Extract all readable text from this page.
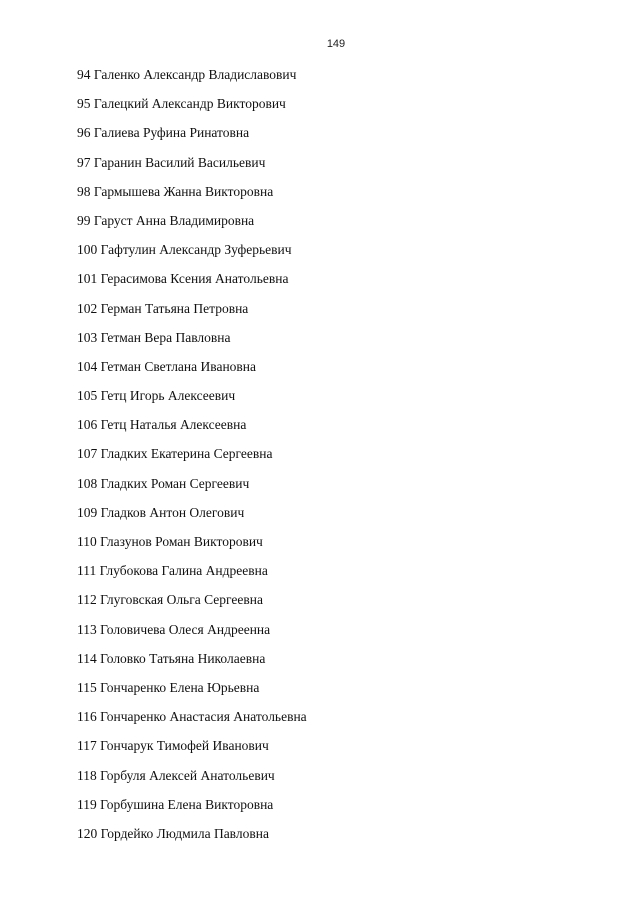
149
94 Галенко Александр Владиславович
95 Галецкий Александр Викторович
96 Галиева Руфина Ринатовна
97 Гаранин Василий Васильевич
98 Гармышева Жанна Викторовна
99 Гаруст Анна Владимировна
100 Гафтулин Александр Зуферьевич
101 Герасимова Ксения Анатольевна
102 Герман Татьяна Петровна
103 Гетман Вера Павловна
104 Гетман Светлана Ивановна
105 Гетц Игорь Алексеевич
106 Гетц Наталья Алексеевна
107 Гладких Екатерина Сергеевна
108 Гладких Роман Сергеевич
109 Гладков Антон Олегович
110 Глазунов Роман Викторович
111 Глубокова Галина Андреевна
112 Глуговская Ольга Сергеевна
113 Головичева Олеся Андреенна
114 Головко Татьяна Николаевна
115 Гончаренко Елена Юрьевна
116 Гончаренко Анастасия Анатольевна
117 Гончарук Тимофей Иванович
118 Горбуля Алексей Анатольевич
119 Горбушина Елена Викторовна
120 Гордейко Людмила Павловна
